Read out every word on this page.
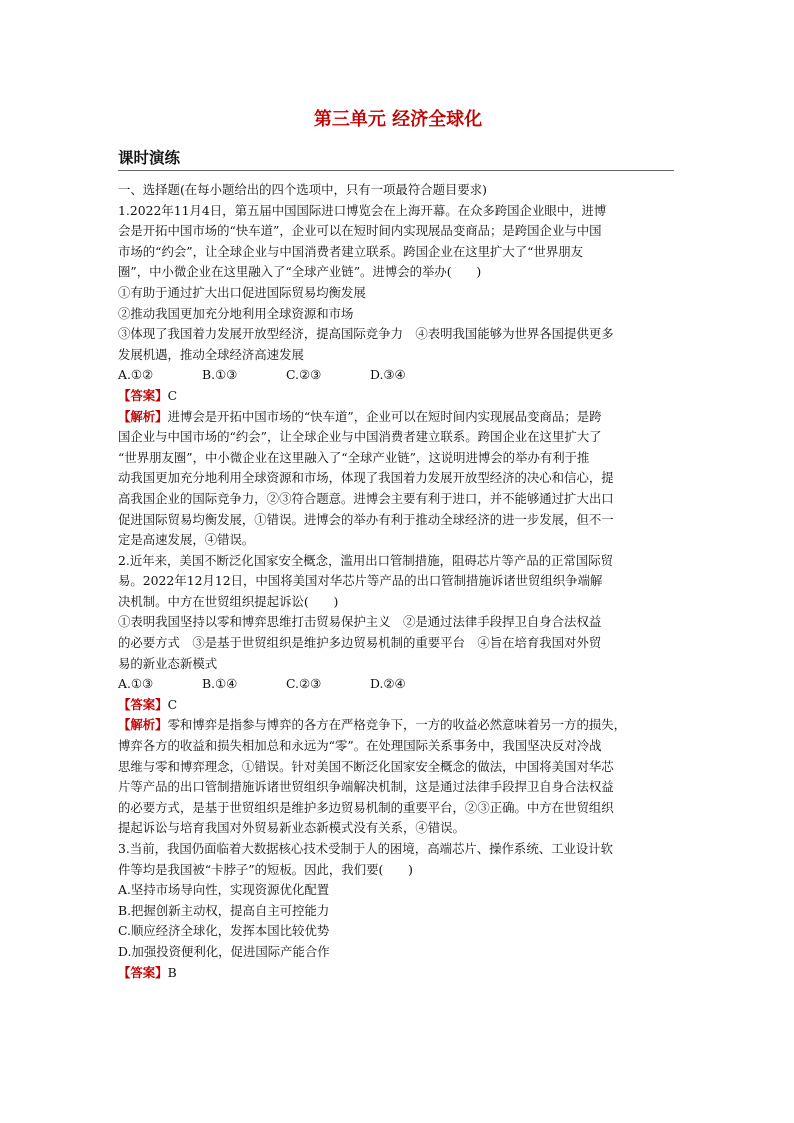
第三单元 经济全球化
课时演练
一、选择题(在每小题给出的四个选项中，只有一项最符合题目要求)
1.2022年11月4日，第五届中国国际进口博览会在上海开幕。在众多跨国企业眼中，进博
会是开拓中国市场的“快车道”，企业可以在短时间内实现展品变商品；是跨国企业与中国
市场的“约会”，让全球企业与中国消费者建立联系。跨国企业在这里扩大了“世界朋友
圈”，中小微企业在这里融入了“全球产业链”。进博会的举办(　　)
①有助于通过扩大出口促进国际贸易均衡发展
②推动我国更加充分地利用全球资源和市场
③体现了我国着力发展开放型经济，提高国际竞争力　④表明我国能够为世界各国提供更多
发展机遇，推动全球经济高速发展
A.①②	B.①③	C.②③	D.③④
【答案】C
【解析】进博会是开拓中国市场的“快车道”，企业可以在短时间内实现展品变商品；是跨
国企业与中国市场的“约会”，让全球企业与中国消费者建立联系。跨国企业在这里扩大了
“世界朋友圈”，中小微企业在这里融入了“全球产业链”，这说明进博会的举办有利于推
动我国更加充分地利用全球资源和市场，体现了我国着力发展开放型经济的决心和信心，提
高我国企业的国际竞争力，②③符合题意。进博会主要有利于进口，并不能够通过扩大出口
促进国际贸易均衡发展，①错误。进博会的举办有利于推动全球经济的进一步发展，但不一
定是高速发展，④错误。
2.近年来，美国不断泛化国家安全概念，滥用出口管制措施，阻碍芯片等产品的正常国际贸
易。2022年12月12日，中国将美国对华芯片等产品的出口管制措施诉诸世贸组织争端解
决机制。中方在世贸组织提起诉讼(　　)
①表明我国坚持以零和博弈思维打击贸易保护主义　②是通过法律手段捍卫自身合法权益
的必要方式　③是基于世贸组织是维护多边贸易机制的重要平台　④旨在培育我国对外贸
易的新业态新模式
A.①③	B.①④	C.②③	D.②④
【答案】C
【解析】零和博弈是指参与博弈的各方在严格竞争下，一方的收益必然意味着另一方的损失，
博弈各方的收益和损失相加总和永远为“零”。在处理国际关系事务中，我国坚决反对冷战
思维与零和博弈理念，①错误。针对美国不断泛化国家安全概念的做法，中国将美国对华芯
片等产品的出口管制措施诉诸世贸组织争端解决机制，这是通过法律手段捍卫自身合法权益
的必要方式，是基于世贸组织是维护多边贸易机制的重要平台，②③正确。中方在世贸组织
提起诉讼与培育我国对外贸易新业态新模式没有关系，④错误。
3.当前，我国仍面临着大数据核心技术受制于人的困境，高端芯片、操作系统、工业设计软
件等均是我国被“卡脖子”的短板。因此，我们要(　　)
A.坚持市场导向性，实现资源优化配置
B.把握创新主动权，提高自主可控能力
C.顺应经济全球化，发挥本国比较优势
D.加强投资便利化，促进国际产能合作
【答案】B
